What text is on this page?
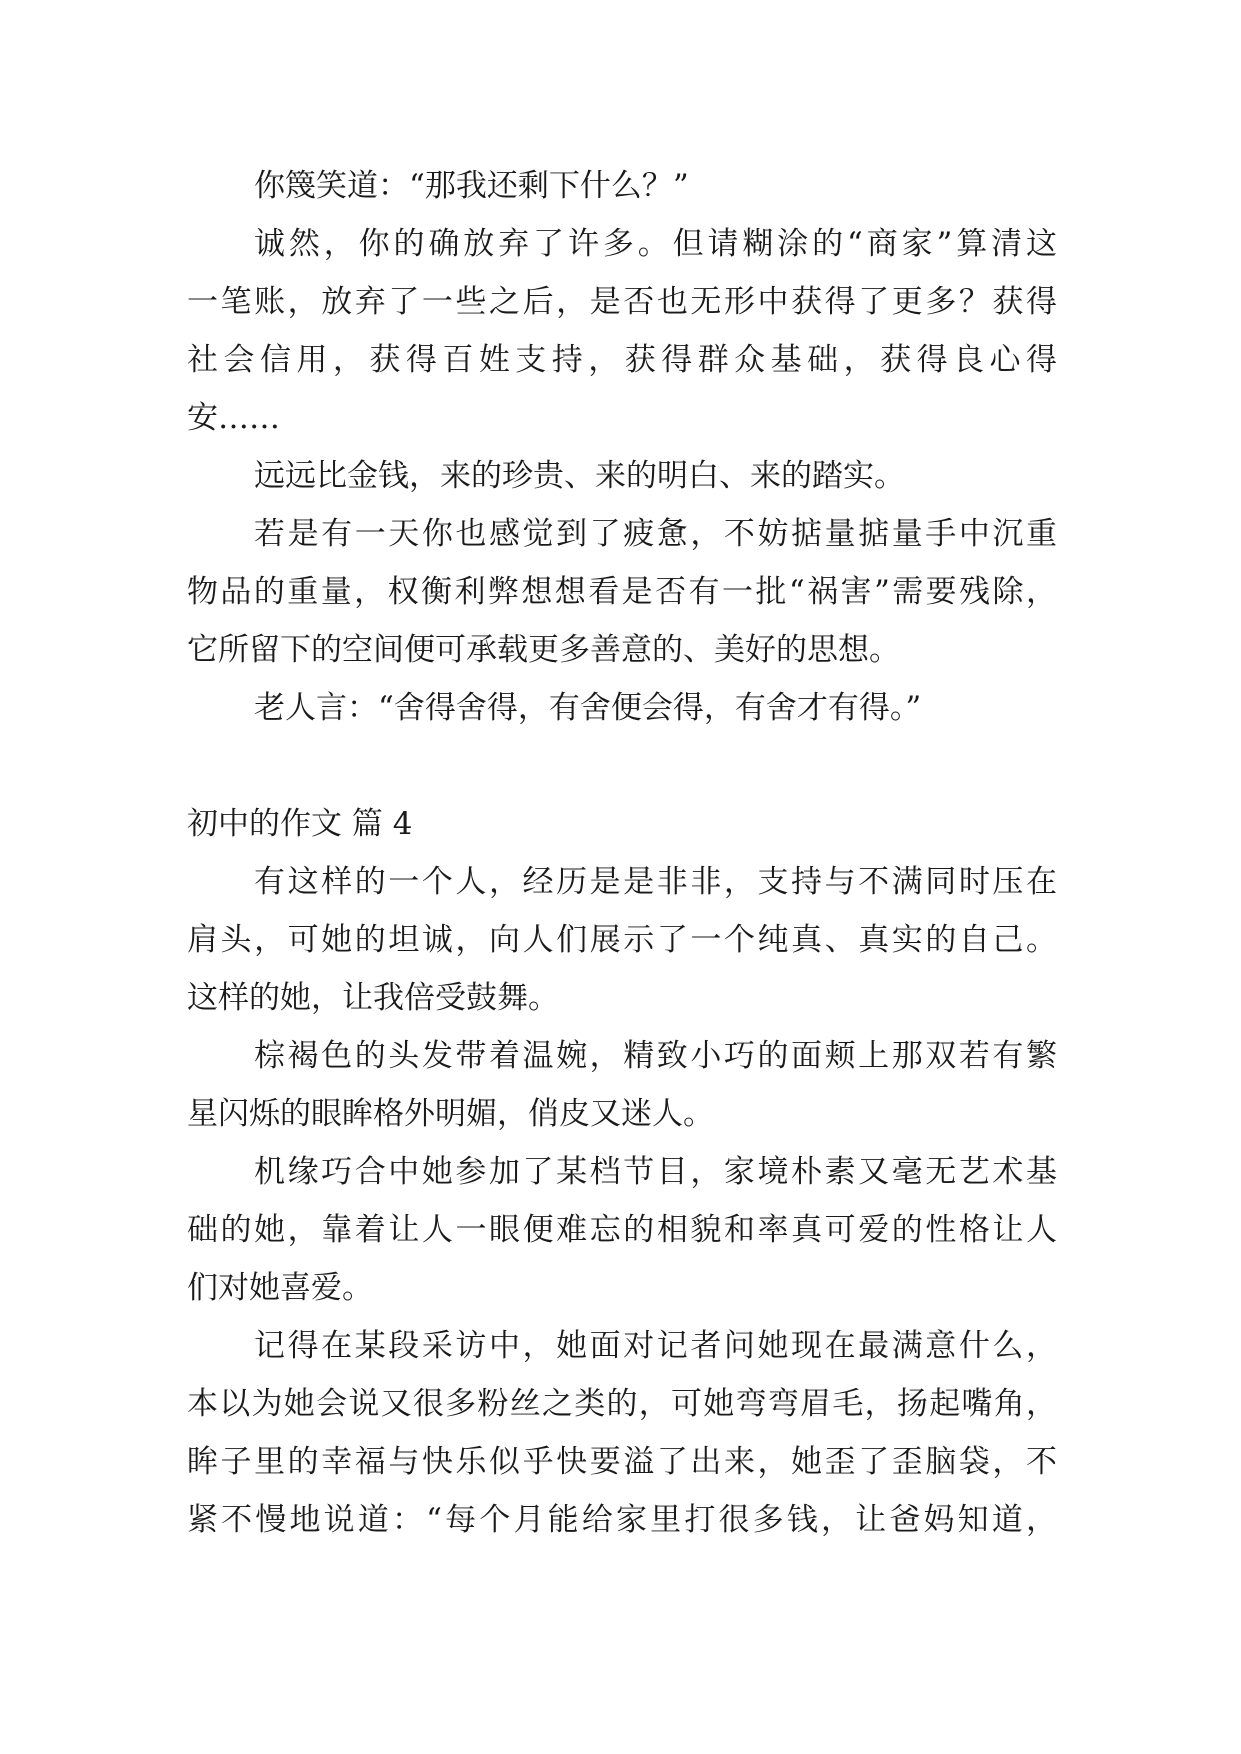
你篾笑道：“那我还剩下什么？”
诚然，你的确放弃了许多。但请糊涂的“商家”算清这
一笔账，放弃了一些之后，是否也无形中获得了更多？获得
社会信用，获得百姓支持，获得群众基础，获得良心得
安……
远远比金钱，来的珍贵、来的明白、来的踏实。
若是有一天你也感觉到了疲惫，不妨掂量掂量手中沉重
物品的重量，权衡利弊想想看是否有一批“祸害”需要残除，
它所留下的空间便可承载更多善意的、美好的思想。
老人言：“舍得舍得，有舍便会得，有舍才有得。”
初中的作文 篇 4
有这样的一个人，经历是是非非，支持与不满同时压在
肩头，可她的坦诚，向人们展示了一个纯真、真实的自己。
这样的她，让我倍受鼓舞。
棕褐色的头发带着温婉，精致小巧的面颊上那双若有繁
星闪烁的眼眸格外明媚，俏皮又迷人。
机缘巧合中她参加了某档节目，家境朴素又毫无艺术基
础的她，靠着让人一眼便难忘的相貌和率真可爱的性格让人
们对她喜爱。
记得在某段采访中，她面对记者问她现在最满意什么，
本以为她会说又很多粉丝之类的，可她弯弯眉毛，扬起嘴角，
眸子里的幸福与快乐似乎快要溢了出来，她歪了歪脑袋，不
紧不慢地说道：“每个月能给家里打很多钱，让爸妈知道，
